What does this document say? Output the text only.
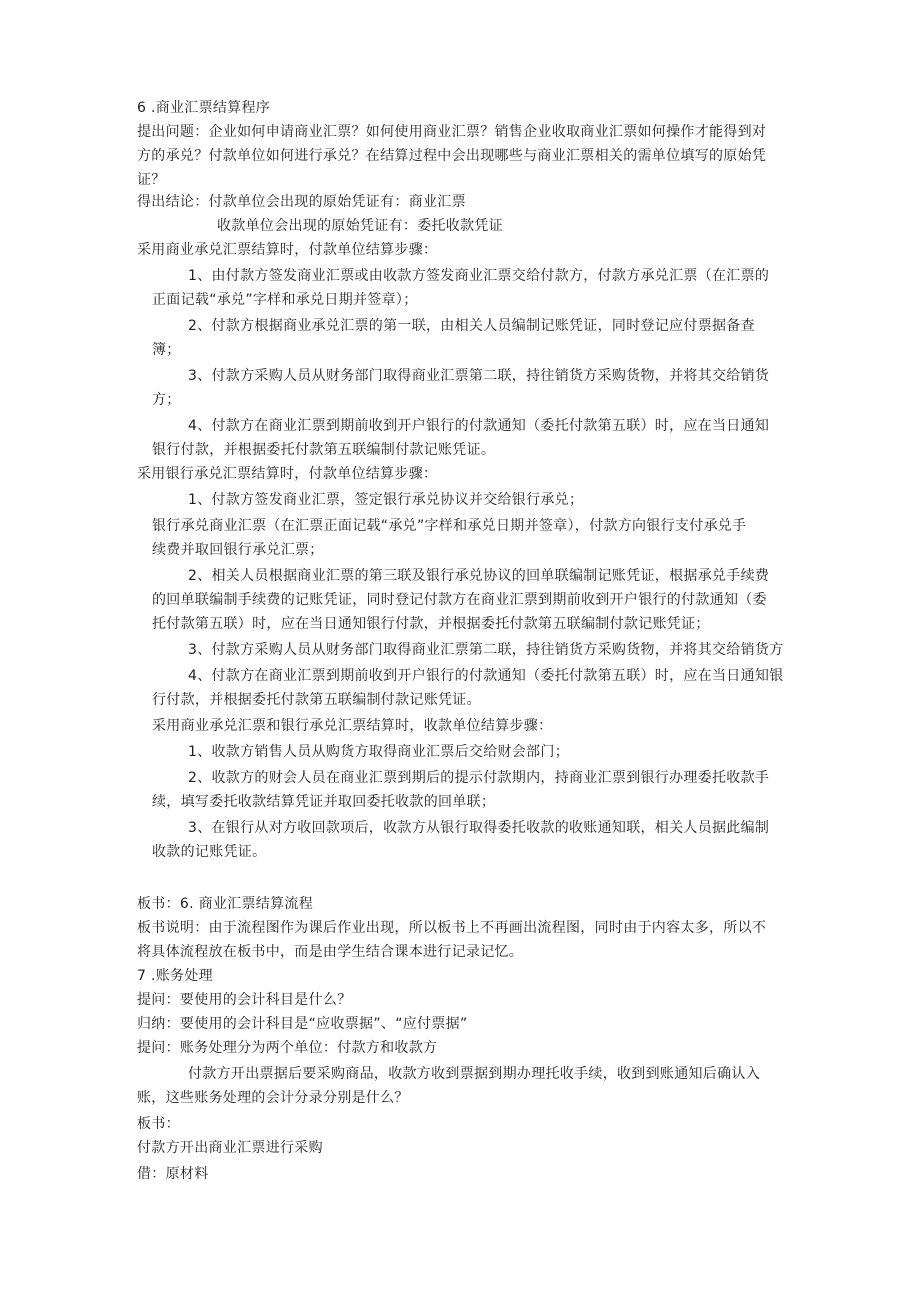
6 .商业汇票结算程序

提出问题：企业如何申请商业汇票？如何使用商业汇票？销售企业收取商业汇票如何操作才能得到对

方的承兑？付款单位如何进行承兑？在结算过程中会出现哪些与商业汇票相关的需单位填写的原始凭

证？

得出结论：付款单位会出现的原始凭证有：商业汇票

收款单位会出现的原始凭证有：委托收款凭证

采用商业承兑汇票结算时，付款单位结算步骤：

1、由付款方签发商业汇票或由收款方签发商业汇票交给付款方，付款方承兑汇票（在汇票的

正面记载“承兑”字样和承兑日期并签章）；

2、付款方根据商业承兑汇票的第一联，由相关人员编制记账凭证，同时登记应付票据备查

簿；

3、付款方采购人员从财务部门取得商业汇票第二联，持往销货方采购货物，并将其交给销货

方；

4、付款方在商业汇票到期前收到开户银行的付款通知（委托付款第五联）时，应在当日通知

银行付款，并根据委托付款第五联编制付款记账凭证。

采用银行承兑汇票结算时，付款单位结算步骤：

1、付款方签发商业汇票，签定银行承兑协议并交给银行承兑；

银行承兑商业汇票（在汇票正面记载“承兑”字样和承兑日期并签章），付款方向银行支付承兑手

续费并取回银行承兑汇票；

2、相关人员根据商业汇票的第三联及银行承兑协议的回单联编制记账凭证，根据承兑手续费

的回单联编制手续费的记账凭证，同时登记付款方在商业汇票到期前收到开户银行的付款通知（委

托付款第五联）时，应在当日通知银行付款，并根据委托付款第五联编制付款记账凭证；

3、付款方采购人员从财务部门取得商业汇票第二联，持往销货方采购货物，并将其交给销货方

4、付款方在商业汇票到期前收到开户银行的付款通知（委托付款第五联）时，应在当日通知银

行付款，并根据委托付款第五联编制付款记账凭证。

采用商业承兑汇票和银行承兑汇票结算时，收款单位结算步骤：

1、收款方销售人员从购货方取得商业汇票后交给财会部门；

2、收款方的财会人员在商业汇票到期后的提示付款期内，持商业汇票到银行办理委托收款手

续，填写委托收款结算凭证并取回委托收款的回单联；

3、在银行从对方收回款项后，收款方从银行取得委托收款的收账通知联，相关人员据此编制

收款的记账凭证。

板书：6. 商业汇票结算流程

板书说明：由于流程图作为课后作业出现，所以板书上不再画出流程图，同时由于内容太多，所以不

将具体流程放在板书中，而是由学生结合课本进行记录记忆。

7 .账务处理

提问：要使用的会计科目是什么？

归纳：要使用的会计科目是“应收票据”、“应付票据”

提问：账务处理分为两个单位：付款方和收款方

付款方开出票据后要采购商品，收款方收到票据到期办理托收手续，收到到账通知后确认入

账，这些账务处理的会计分录分别是什么？

板书：

付款方开出商业汇票进行采购

借：原材料
